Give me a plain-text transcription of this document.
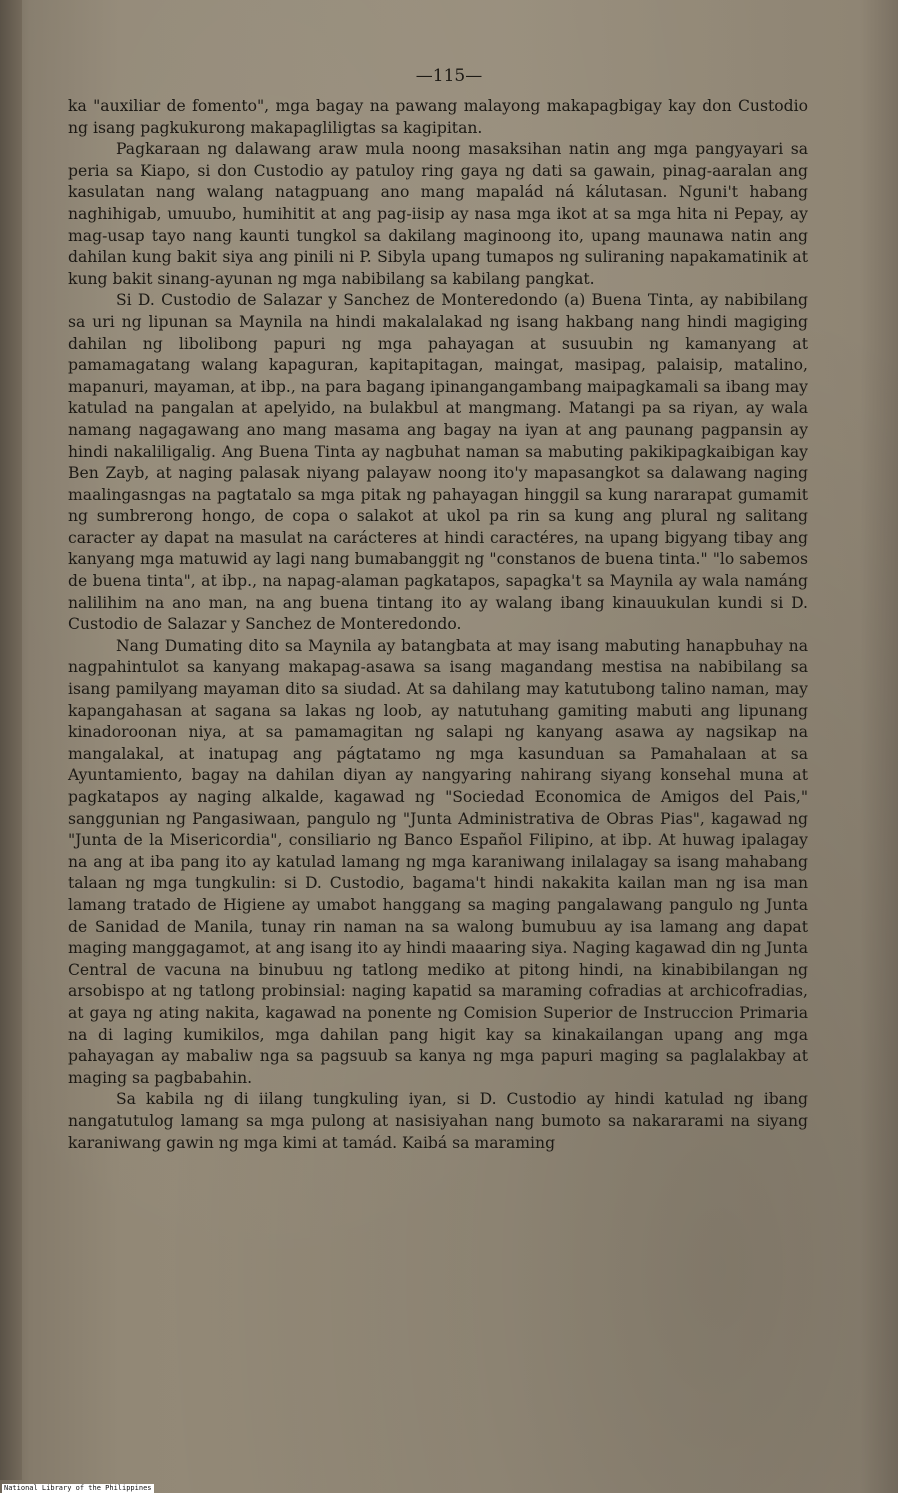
—115—

ka "auxiliar de fomento", mga bagay na pawang malayong makapagbigay kay don Custodio ng isang pagkukurong makapagliligtas sa kagipitan.

Pagkaraan ng dalawang araw mula noong masaksihan natin ang mga pangyayari sa peria sa Kiapo, si don Custodio ay patuloy ring gaya ng dati sa gawain, pinag-aaralan ang kasulatan nang walang natagpuang ano mang mapalád ná kálutasan. Nguni't habang naghihigab, umuubo, humihitit at ang pag-iisip ay nasa mga ikot at sa mga hita ni Pepay, ay mag-usap tayo nang kaunti tungkol sa dakilang maginoong ito, upang maunawa natin ang dahilan kung bakit siya ang pinili ni P. Sibyla upang tumapos ng suliraning napakamatinik at kung bakit sinang-ayunan ng mga nabibilang sa kabilang pangkat.

Si D. Custodio de Salazar y Sanchez de Monteredondo (a) Buena Tinta, ay nabibilang sa uri ng lipunan sa Maynila na hindi makalalakad ng isang hakbang nang hindi magiging dahilan ng libolibong papuri ng mga pahayagan at susuubin ng kamanyang at pamamagatang walang kapaguran, kapitapitagan, maingat, masipag, palaisip, matalino, mapanuri, mayaman, at ibp., na para bagang ipinangangambang maipagkamali sa ibang may katulad na pangalan at apelyido, na bulakbul at mangmang. Matangi pa sa riyan, ay wala namang nagagawang ano mang masama ang bagay na iyan at ang paunang pagpansin ay hindi nakaliligalig. Ang Buena Tinta ay nagbuhat naman sa mabuting pakikipagkaibigan kay Ben Zayb, at naging palasak niyang palayaw noong ito'y mapasangkot sa dalawang naging maalingasngas na pagtatalo sa mga pitak ng pahayagan hinggil sa kung nararapat gumamit ng sumbrerong hongo, de copa o salakot at ukol pa rin sa kung ang plural ng salitang caracter ay dapat na masulat na carácteres at hindi caractéres, na upang bigyang tibay ang kanyang mga matuwid ay lagi nang bumabanggit ng "constanos de buena tinta." "lo sabemos de buena tinta", at ibp., na napag-alaman pagkatapos, sapagka't sa Maynila ay wala namáng nalilihim na ano man, na ang buena tintang ito ay walang ibang kinauukulan kundi si D. Custodio de Salazar y Sanchez de Monteredondo.

Nang Dumating dito sa Maynila ay batangbata at may isang mabuting hanapbuhay na nagpahintulot sa kanyang makapag-asawa sa isang magandang mestisa na nabibilang sa isang pamilyang mayaman dito sa siudad. At sa dahilang may katutubong talino naman, may kapangahasan at sagana sa lakas ng loob, ay natutuhang gamiting mabuti ang lipunang kinadoroonan niya, at sa pamamagitan ng salapi ng kanyang asawa ay nagsikap na mangalakal, at inatupag ang págtatamo ng mga kasunduan sa Pamahalaan at sa Ayuntamiento, bagay na dahilan diyan ay nangyaring nahirang siyang konsehal muna at pagkatapos ay naging alkalde, kagawad ng "Sociedad Economica de Amigos del Pais," sanggunian ng Pangasiwaan, pangulo ng "Junta Administrativa de Obras Pias", kagawad ng "Junta de la Misericordia", consiliario ng Banco Español Filipino, at ibp. At huwag ipalagay na ang at iba pang ito ay katulad lamang ng mga karaniwang inilalagay sa isang mahabang talaan ng mga tungkulin: si D. Custodio, bagama't hindi nakakita kailan man ng isa man lamang tratado de Higiene ay umabot hanggang sa maging pangalawang pangulo ng Junta de Sanidad de Manila, tunay rin naman na sa walong bumubuu ay isa lamang ang dapat maging manggagamot, at ang isang ito ay hindi maaaring siya. Naging kagawad din ng Junta Central de vacuna na binubuu ng tatlong mediko at pitong hindi, na kinabibilangan ng arsobispo at ng tatlong probinsial: naging kapatid sa maraming cofradias at archicofradias, at gaya ng ating nakita, kagawad na ponente ng Comision Superior de Instruccion Primaria na di laging kumikilos, mga dahilan pang higit kay sa kinakailangan upang ang mga pahayagan ay mabaliw nga sa pagsuub sa kanya ng mga papuri maging sa paglalakbay at maging sa pagbabahin.

Sa kabila ng di iilang tungkuling iyan, si D. Custodio ay hindi katulad ng ibang nangatutulog lamang sa mga pulong at nasisiyahan nang bumoto sa nakararami na siyang karaniwang gawin ng mga kimi at tamád. Kaibá sa maraming

National Library of the Philippines
